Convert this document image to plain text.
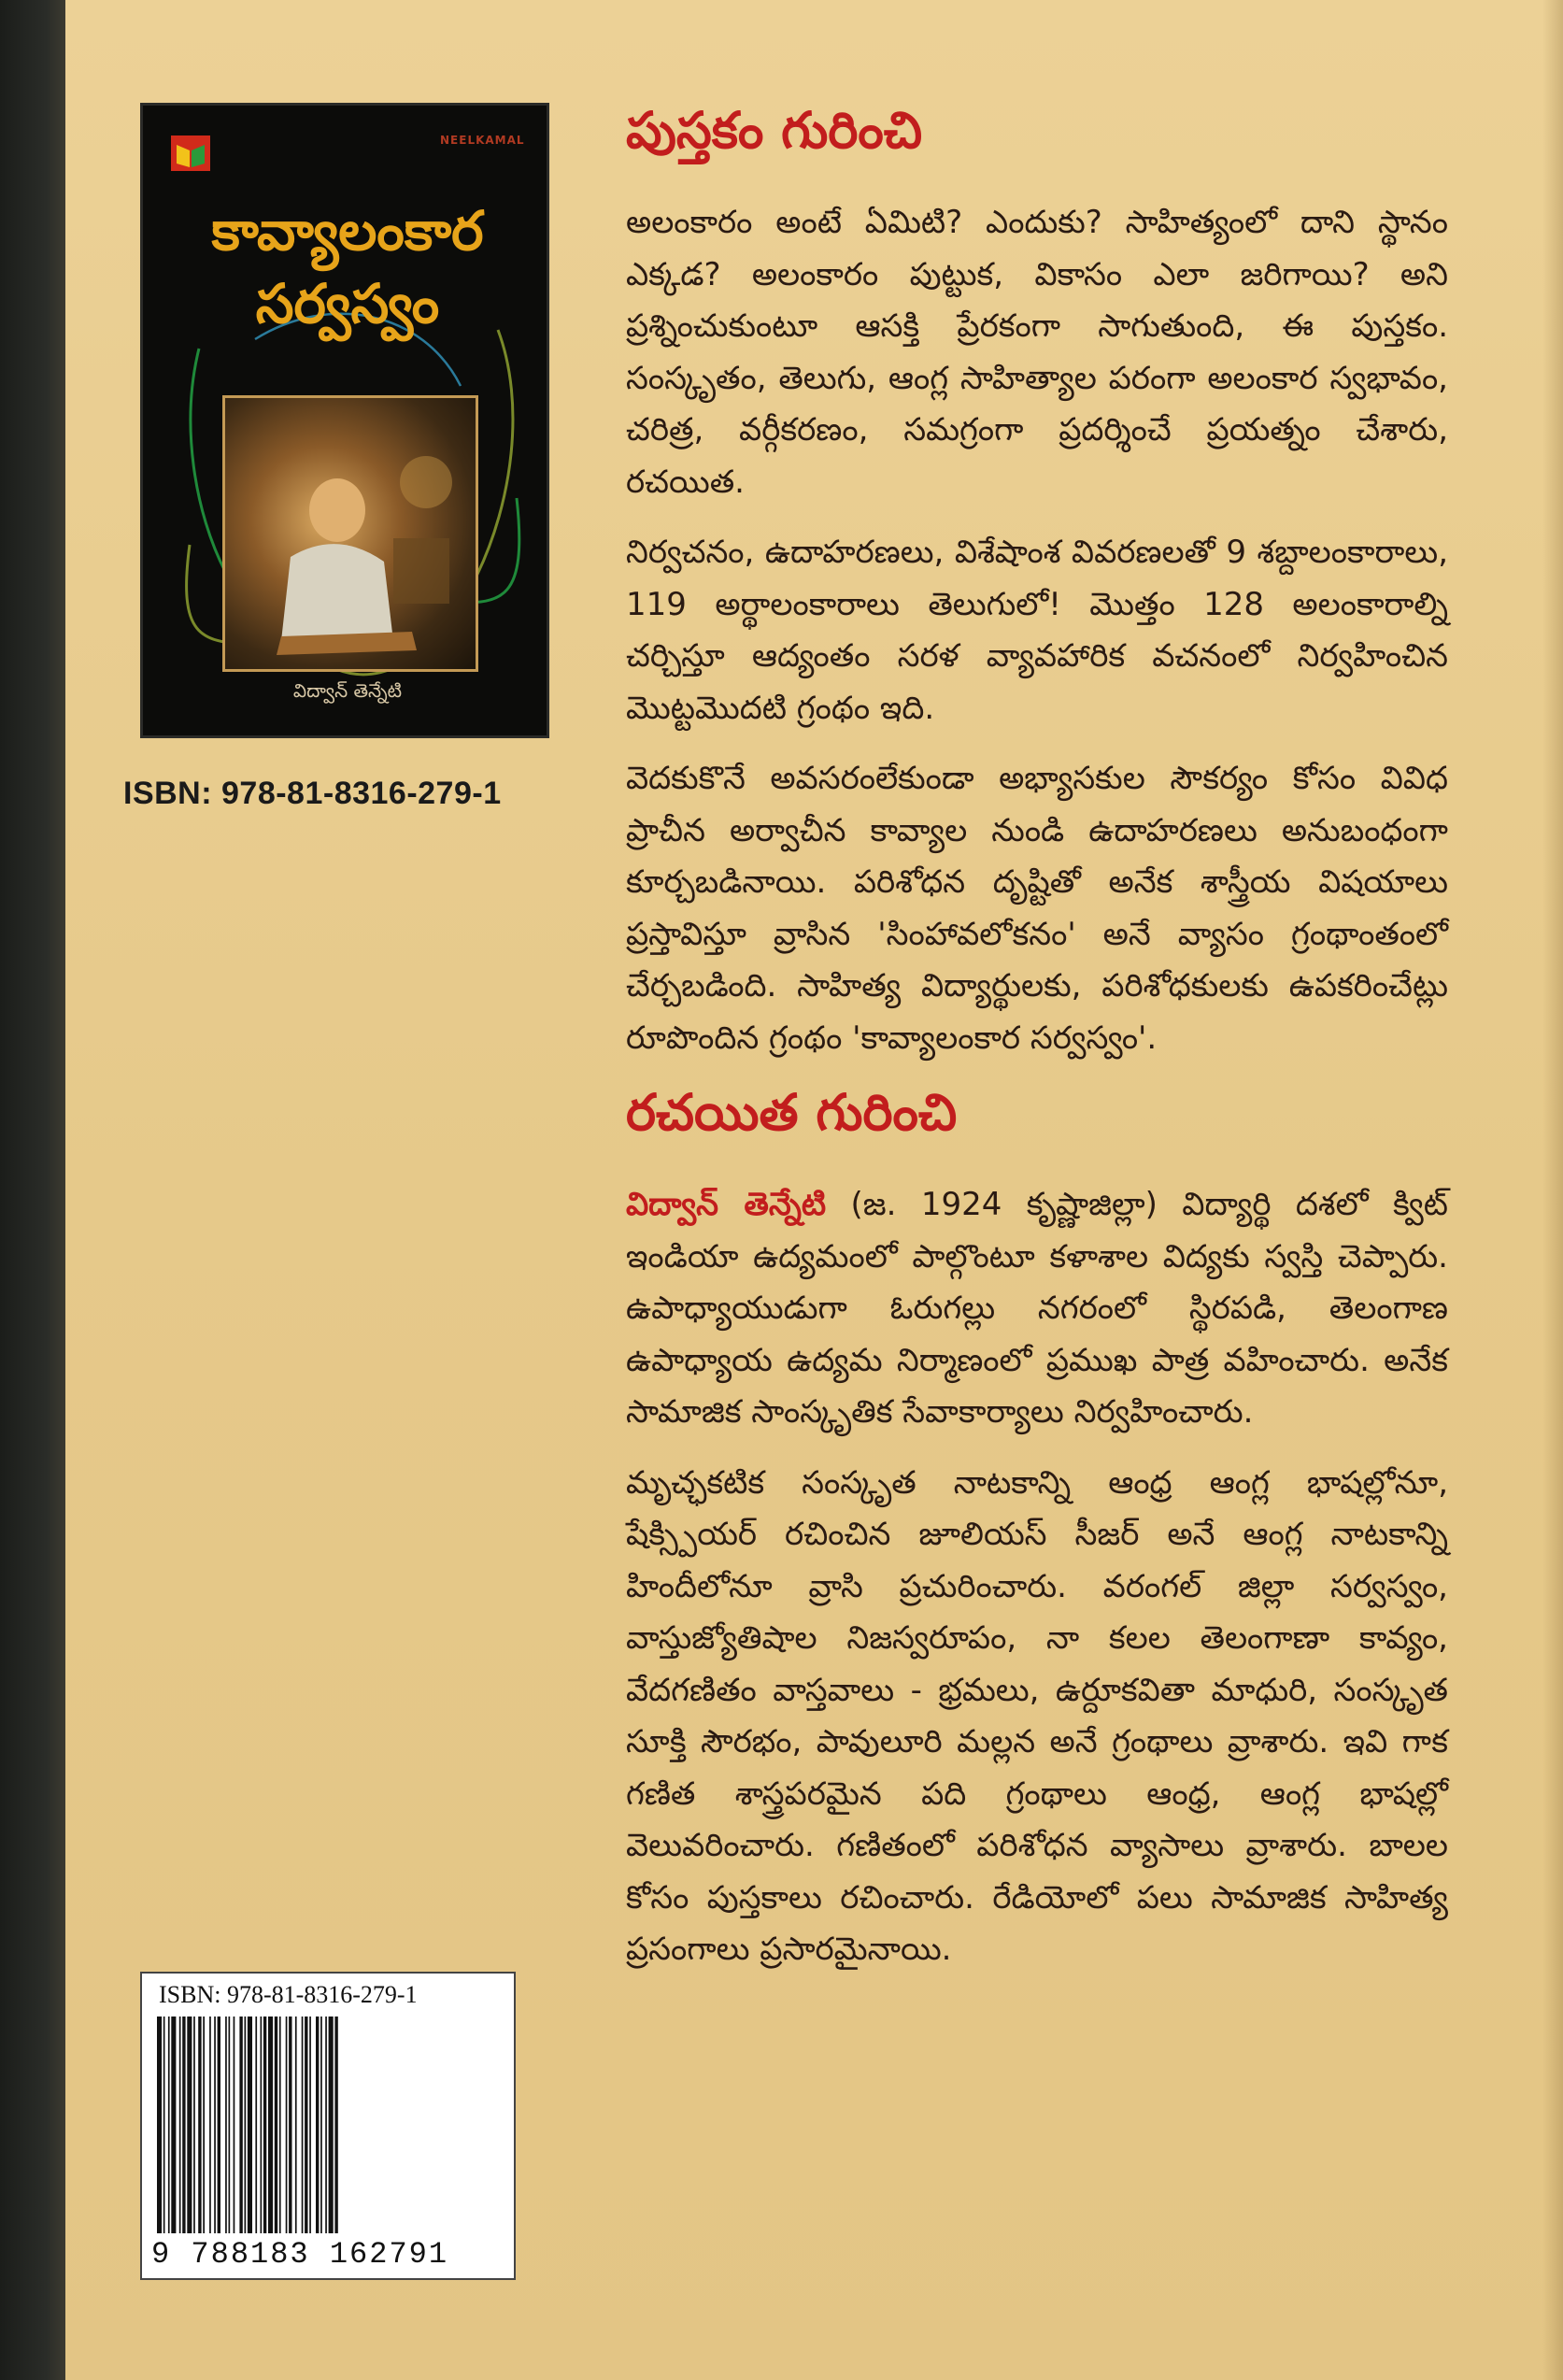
NEELKAMAL
కావ్యాలంకార
సర్వస్వం
విద్వాన్ తెన్నేటి
ISBN: 978-81-8316-279-1
పుస్తకం గురించి

అలంకారం అంటే ఏమిటి? ఎందుకు? సాహిత్యంలో దాని స్థానం ఎక్కడ? అలంకారం పుట్టుక, వికాసం ఎలా జరిగాయి? అని ప్రశ్నించుకుంటూ ఆసక్తి ప్రేరకంగా సాగుతుంది, ఈ పుస్తకం. సంస్కృతం, తెలుగు, ఆంగ్ల సాహిత్యాల పరంగా అలంకార స్వభావం, చరిత్ర, వర్గీకరణం, సమగ్రంగా ప్రదర్శించే ప్రయత్నం చేశారు, రచయిత.

నిర్వచనం, ఉదాహరణలు, విశేషాంశ వివరణలతో 9 శబ్దాలంకారాలు, 119 అర్థాలంకారాలు తెలుగులో! మొత్తం 128 అలంకారాల్ని చర్చిస్తూ ఆద్యంతం సరళ వ్యావహారిక వచనంలో నిర్వహించిన మొట్టమొదటి గ్రంథం ఇది.

వెదకుకొనే అవసరంలేకుండా అభ్యాసకుల సౌకర్యం కోసం వివిధ ప్రాచీన అర్వాచీన కావ్యాల నుండి ఉదాహరణలు అనుబంధంగా కూర్చబడినాయి. పరిశోధన దృష్టితో అనేక శాస్త్రీయ విషయాలు ప్రస్తావిస్తూ వ్రాసిన 'సింహావలోకనం' అనే వ్యాసం గ్రంథాంతంలో చేర్చబడింది. సాహిత్య విద్యార్థులకు, పరిశోధకులకు ఉపకరించేట్లు రూపొందిన గ్రంథం 'కావ్యాలంకార సర్వస్వం'.

రచయిత గురించి

విద్వాన్ తెన్నేటి (జ. 1924 కృష్ణాజిల్లా) విద్యార్థి దశలో క్విట్ ఇండియా ఉద్యమంలో పాల్గొంటూ కళాశాల విద్యకు స్వస్తి చెప్పారు. ఉపాధ్యాయుడుగా ఓరుగల్లు నగరంలో స్థిరపడి, తెలంగాణ ఉపాధ్యాయ ఉద్యమ నిర్మాణంలో ప్రముఖ పాత్ర వహించారు. అనేక సామాజిక సాంస్కృతిక సేవాకార్యాలు నిర్వహించారు.

మృచ్ఛకటిక సంస్కృత నాటకాన్ని ఆంధ్ర ఆంగ్ల భాషల్లోనూ, షేక్స్పియర్ రచించిన జూలియస్ సీజర్ అనే ఆంగ్ల నాటకాన్ని హిందీలోనూ వ్రాసి ప్రచురించారు. వరంగల్ జిల్లా సర్వస్వం, వాస్తుజ్యోతిషాల నిజస్వరూపం, నా కలల తెలంగాణా కావ్యం, వేదగణితం వాస్తవాలు - భ్రమలు, ఉర్దూకవితా మాధురి, సంస్కృత సూక్తి సౌరభం, పావులూరి మల్లన అనే గ్రంథాలు వ్రాశారు. ఇవి గాక గణిత శాస్త్రపరమైన పది గ్రంథాలు ఆంధ్ర, ఆంగ్ల భాషల్లో వెలువరించారు. గణితంలో పరిశోధన వ్యాసాలు వ్రాశారు. బాలల కోసం పుస్తకాలు రచించారు. రేడియోలో పలు సామాజిక సాహిత్య ప్రసంగాలు ప్రసారమైనాయి.

ISBN: 978-81-8316-279-1
9 788183 162791
